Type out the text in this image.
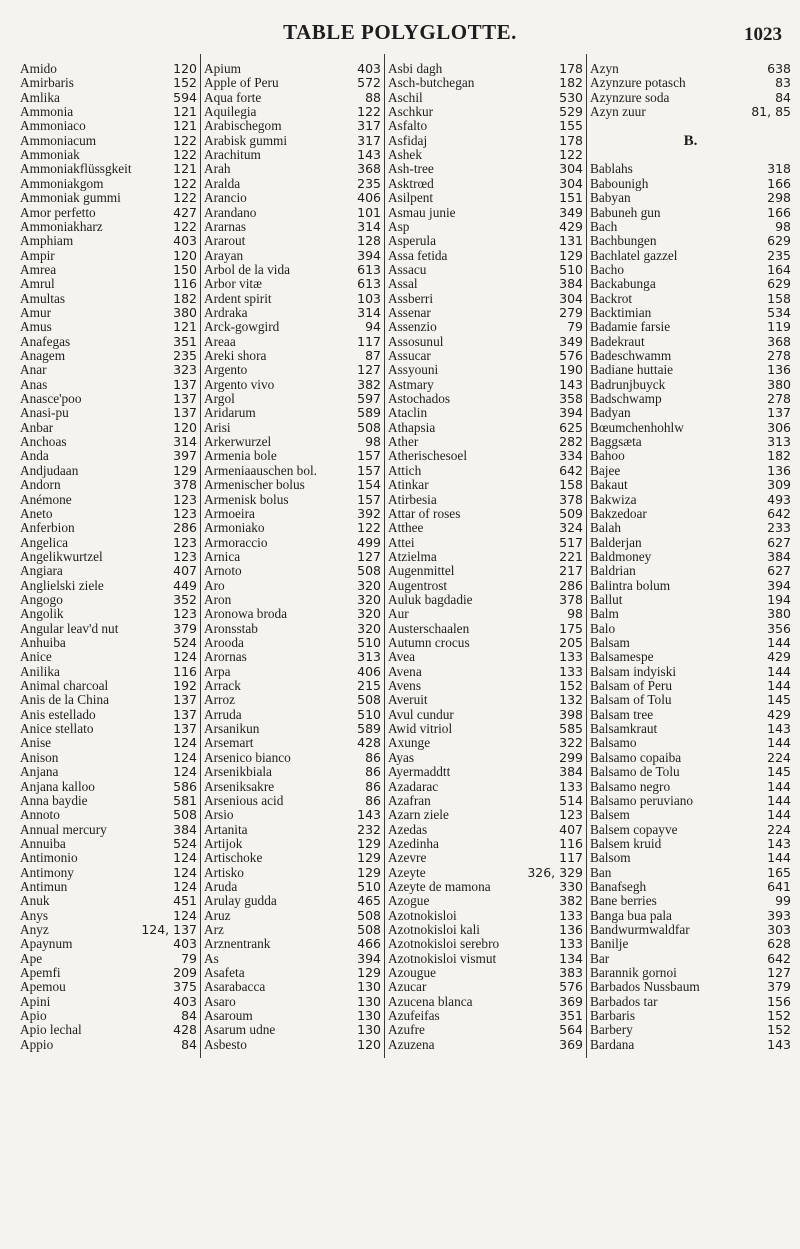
TABLE POLYGLOTTE.	1023
Amido	120
Amirbaris	152
Amlika	594
Ammonia	121
Ammoniaco	121
Ammoniacum	122
Ammoniak	122
Ammoniakflüssgkeit	121
Ammoniakgom	122
Ammoniak gummi	122
Amor perfetto	427
Ammoniakharz	122
Amphiam	403
Ampir	120
Amrea	150
Amrul	116
Amultas	182
Amur	380
Amus	121
Anafegas	351
Anagem	235
Anar	323
Anas	137
Anasce'poo	137
Anasi-pu	137
Anbar	120
Anchoas	314
Anda	397
Andjudaan	129
Andorn	378
Anémone	123
Aneto	123
Anferbion	286
Angelica	123
Angelikwurtzel	123
Angiara	407
Anglielski ziele	449
Angogo	352
Angolik	123
Angular leav'd nut	379
Anhuiba	524
Anice	124
Anilika	116
Animal charcoal	192
Anis de la China	137
Anis estellado	137
Anice stellato	137
Anise	124
Anison	124
Anjana	124
Anjana kalloo	586
Anna baydie	581
Annoto	508
Annual mercury	384
Annuiba	524
Antimonio	124
Antimony	124
Antimun	124
Anuk	451
Anys	124
Anyz	124, 137
Apaynum	403
Ape	79
Apemfi	209
Apemou	375
Apini	403
Apio	84
Apio lechal	428
Appio	84
Apium	403
Apple of Peru	572
Aqua forte	88
Aquilegia	122
Arabischegom	317
Arabisk gummi	317
Arachitum	143
Arah	368
Aralda	235
Arancio	406
Arandano	101
Ararnas	314
Ararout	128
Arayan	394
Arbol de la vida	613
Arbor vitæ	613
Ardent spirit	103
Ardraka	314
Arck-gowgird	94
Areaa	117
Areki shora	87
Argento	127
Argento vivo	382
Argol	597
Aridarum	589
Arisi	508
Arkerwurzel	98
Armenia bole	157
Armeniaauschen bol.	157
Armenischer bolus	154
Armenisk bolus	157
Armoeira	392
Armoniako	122
Armoraccio	499
Arnica	127
Arnoto	508
Aro	320
Aron	320
Aronowa broda	320
Aronsstab	320
Arooda	510
Arornas	313
Arpa	406
Arrack	215
Arroz	508
Arruda	510
Arsanikun	589
Arsemart	428
Arsenico bianco	86
Arsenikbiala	86
Arseniksakre	86
Arsenious acid	86
Arsio	143
Artanita	232
Artijok	129
Artischoke	129
Artisko	129
Aruda	510
Arulay gudda	465
Aruz	508
Arz	508
Arznentrank	466
As	394
Asafeta	129
Asarabacca	130
Asaro	130
Asaroum	130
Asarum udne	130
Asbesto	120
Asbi dagh	178
Asch-butchegan	182
Aschil	530
Aschkur	529
Asfalto	155
Asfidaj	178
Ashek	122
Ash-tree	304
Asktrœd	304
Asilpent	151
Asmau junie	349
Asp	429
Asperula	131
Assa fetida	129
Assacu	510
Assal	384
Assberri	304
Assenar	279
Assenzio	79
Assosunul	349
Assucar	576
Assyouni	190
Astmary	143
Astochados	358
Ataclin	394
Athapsia	625
Ather	282
Atherischesoel	334
Attich	642
Atinkar	158
Atirbesia	378
Attar of roses	509
Atthee	324
Attei	517
Atzielma	221
Augenmittel	217
Augentrost	286
Auluk bagdadie	378
Aur	98
Austerschaalen	175
Autumn crocus	205
Avea	133
Avena	133
Avens	152
Averuit	132
Avul cundur	398
Awid vitriol	585
Axunge	322
Ayas	299
Ayermaddtt	384
Azadarac	133
Azafran	514
Azarn ziele	123
Azedas	407
Azedinha	116
Azevre	117
Azeyte	326, 329
Azeyte de mamona	330
Azogue	382
Azotnokisloi	133
Azotnokisloi kali	136
Azotnokisloi serebro	133
Azotnokisloi vismut	134
Azougue	383
Azucar	576
Azucena blanca	369
Azufeifas	351
Azufre	564
Azuzena	369
Azyn	638
Azynzure potasch	83
Azynzure soda	84
Azyn zuur	81, 85
B.
Bablahs	318
Babounigh	166
Babyan	298
Babuneh gun	166
Bach	98
Bachbungen	629
Bachlatel gazzel	235
Bacho	164
Backabunga	629
Backrot	158
Backtimian	534
Badamie farsie	119
Badekraut	368
Badeschwamm	278
Badiane huttaie	136
Badrunjbuyck	380
Badschwamp	278
Badyan	137
Bœumchenhohlw	306
Baggsæta	313
Bahoo	182
Bajee	136
Bakaut	309
Bakwiza	493
Bakzedoar	642
Balah	233
Balderjan	627
Baldmoney	384
Baldrian	627
Balintra bolum	394
Ballut	194
Balm	380
Balo	356
Balsam	144
Balsamespe	429
Balsam indyiski	144
Balsam of Peru	144
Balsam of Tolu	145
Balsam tree	429
Balsamkraut	143
Balsamo	144
Balsamo copaiba	224
Balsamo de Tolu	145
Balsamo negro	144
Balsamo peruviano	144
Balsem	144
Balsem copayve	224
Balsem kruid	143
Balsom	144
Ban	165
Banafsegh	641
Bane berries	99
Banga bua pala	393
Bandwurmwaldfar	303
Banilje	628
Bar	642
Barannik gornoi	127
Barbados Nussbaum	379
Barbados tar	156
Barbaris	152
Barbery	152
Bardana	143
